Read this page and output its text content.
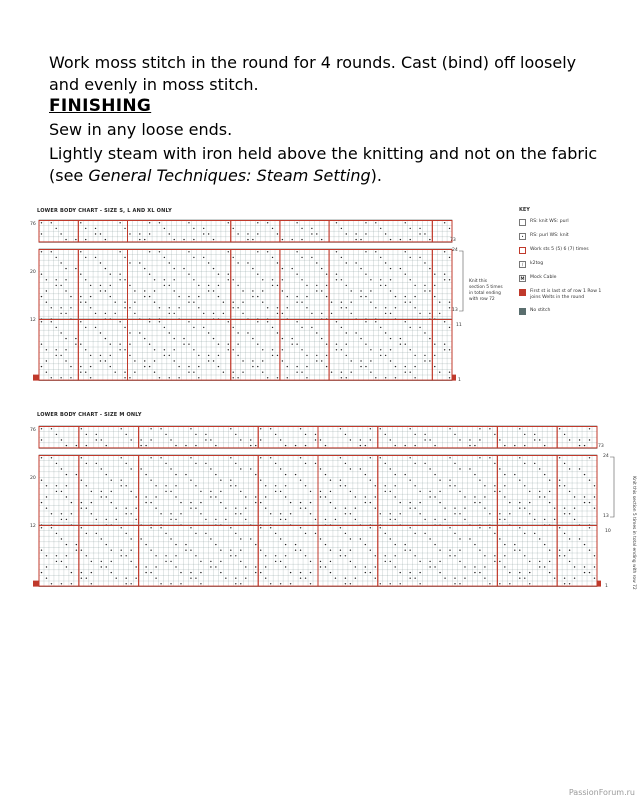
Work moss stitch in the round for 4 rounds. Cast (bind) off loosely and evenly in moss stitch.

FINISHING

Sew in any loose ends.

Lightly steam with iron held above the knitting and not on the fabric (see General Techniques: Steam Setting).

LOWER BODY CHART - SIZE S, L AND XL ONLY
76
20
12
73
24
13
11
1
Knit this
section 5 times
in total ending
with row 72
KEY
RS: knit WS: purl
•	RS: purl WS: knit
Work sts 5 (5) 6 (7) times
/	k2tog
M	Mock Cable
First st is last st of row 1 Row 1 joins Welts in the round
No stitch
LOWER BODY CHART - SIZE M ONLY
76
20
12
73
24
13
10
1	Knit this section 5 times in total ending with row 72
PassionForum.ru
